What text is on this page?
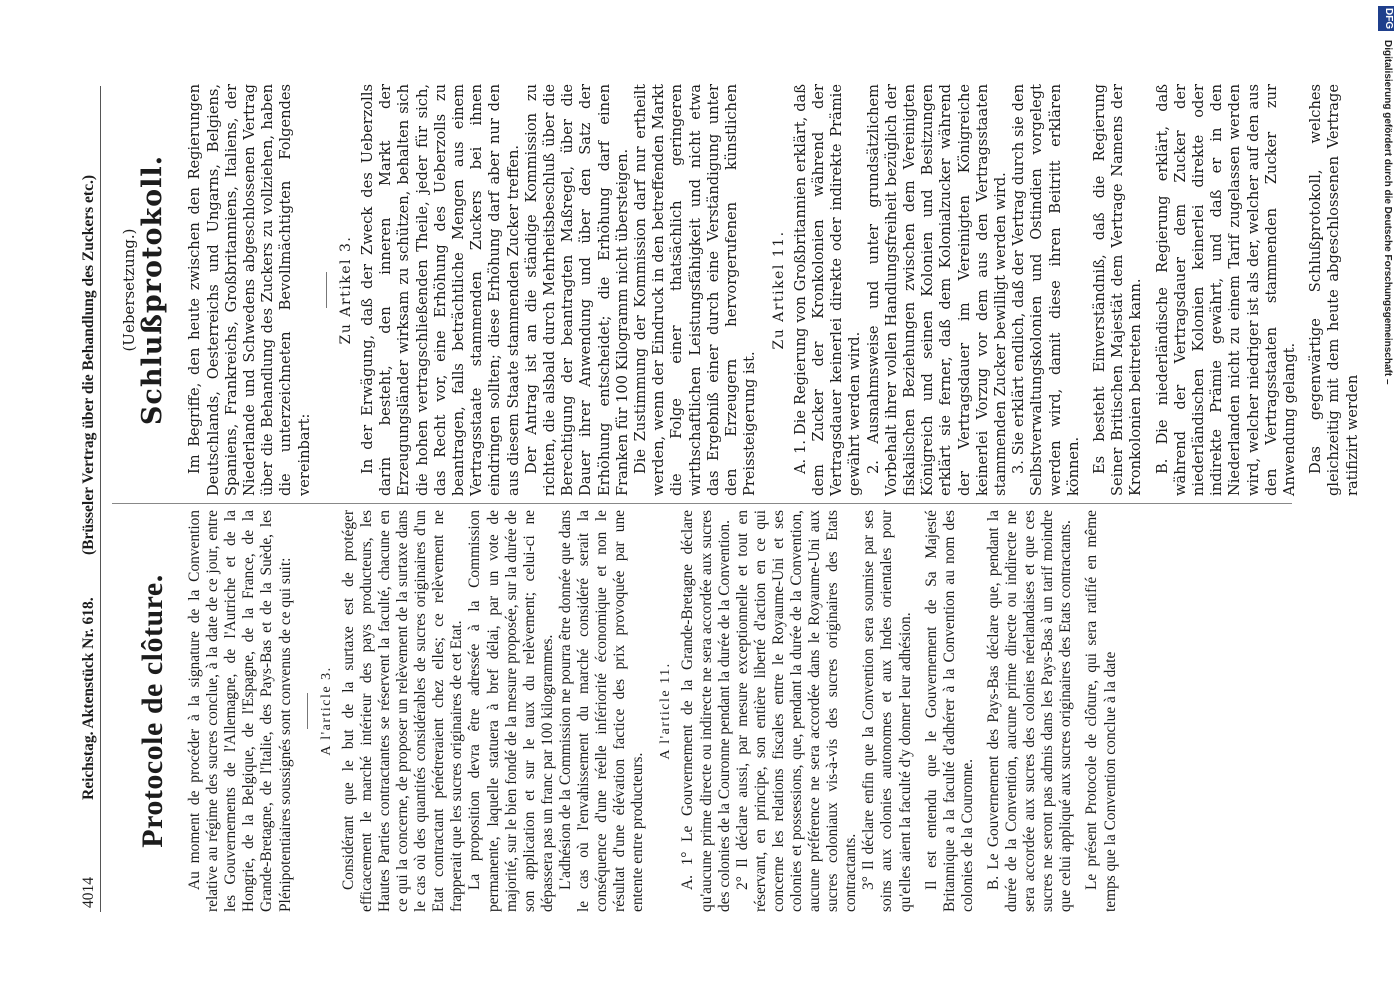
4014
Reichstag. Aktenstück Nr. 618.
(Brüsseler Vertrag über die Behandlung des Zuckers etc.)
Protocole de clôture. Au moment de procéder à la signature de la Convention relative au régime des sucres conclue, à la date de ce jour, entre les Gouvernements de l'Allemagne, de l'Autriche et de la Hongrie, de la Belgique, de l'Espagne, de la France, de la Grande-Bretagne, de l'Italie, des Pays-Bas et de la Suède, les Plénipotentiaires soussignés sont convenus de ce qui suit: A l'article 3. Considérant que le but de la surtaxe est de protéger efficacement le marché intérieur des pays producteurs, les Hautes Parties contractantes se réservent la faculté, chacune en ce qui la concerne, de proposer un relèvement de la surtaxe dans le cas où des quantités considérables de sucres originaires d'un Etat contractant pénétreraient chez elles; ce relèvement ne frapperait que les sucres originaires de cet Etat. La proposition devra être adressée à la Commission permanente, laquelle statuera à bref délai, par un vote de majorité, sur le bien fondé de la mesure proposée, sur la durée de son application et sur le taux du relèvement; celui-ci ne dépassera pas un franc par 100 kilogrammes. L'adhésion de la Commission ne pourra être donnée que dans le cas où l'envahissement du marché considéré serait la conséquence d'une réelle infériorité économique et non le résultat d'une élévation factice des prix provoquée par une entente entre producteurs.

A l'article 11. A. 1° Le Gouvernement de la Grande-Bretagne déclare qu'aucune prime directe ou indirecte ne sera accordée aux sucres des colonies de la Couronne pendant la durée de la Convention. 2° Il déclare aussi, par mesure exceptionnelle et tout en réservant, en principe, son entière liberté d'action en ce qui concerne les relations fiscales entre le Royaume-Uni et ses colonies et possessions, que, pendant la durée de la Convention, aucune préférence ne sera accordée dans le Royaume-Uni aux sucres coloniaux vis-à-vis des sucres originaires des Etats contractants. 3° Il déclare enfin que la Convention sera soumise par ses soins aux colonies autonomes et aux Indes orientales pour qu'elles aient la faculté d'y donner leur adhésion. Il est entendu que le Gouvernement de Sa Majesté Britannique a la faculté d'adhérer à la Convention au nom des colonies de la Couronne. B. Le Gouvernement des Pays-Bas déclare que, pendant la durée de la Convention, aucune prime directe ou indirecte ne sera accordée aux sucres des colonies néerlandaises et que ces sucres ne seront pas admis dans les Pays-Bas à un tarif moindre que celui appliqué aux sucres originaires des Etats contractants. Le présent Protocole de clôture, qui sera ratifié en même temps que la Convention conclue à la date

(Uebersetzung.) Schlußprotokoll. Im Begriffe, den heute zwischen den Regierungen Deutschlands, Oesterreichs und Ungarns, Belgiens, Spaniens, Frankreichs, Großbritanniens, Italiens, der Niederlande und Schwedens abgeschlossenen Vertrag über die Behandlung des Zuckers zu vollziehen, haben die unterzeichneten Bevollmächtigten Folgendes vereinbart:

Zu Artikel 3. In der Erwägung, daß der Zweck des Ueberzolls darin besteht, den inneren Markt der Erzeugungsländer wirksam zu schützen, behalten sich die hohen vertragschließenden Theile, jeder für sich, das Recht vor, eine Erhöhung des Ueberzolls zu beantragen, falls beträchtliche Mengen aus einem Vertragsstaate stammenden Zuckers bei ihnen eindringen sollten; diese Erhöhung darf aber nur den aus diesem Staate stammenden Zucker treffen. Der Antrag ist an die ständige Kommission zu richten, die alsbald durch Mehrheitsbeschluß über die Berechtigung der beantragten Maßregel, über die Dauer ihrer Anwendung und über den Satz der Erhöhung entscheidet; die Erhöhung darf einen Franken für 100 Kilogramm nicht übersteigen. Die Zustimmung der Kommission darf nur ertheilt werden, wenn der Eindruck in den betreffenden Markt die Folge einer thatsächlich geringeren wirthschaftlichen Leistungsfähigkeit und nicht etwa das Ergebniß einer durch eine Verständigung unter den Erzeugern hervorgerufenen künstlichen Preissteigerung ist.

Zu Artikel 11. A. 1. Die Regierung von Großbritannien erklärt, daß dem Zucker der Kronkolonien während der Vertragsdauer keinerlei direkte oder indirekte Prämie gewährt werden wird. 2. Ausnahmsweise und unter grundsätzlichem Vorbehalt ihrer vollen Handlungsfreiheit bezüglich der fiskalischen Beziehungen zwischen dem Vereinigten Königreich und seinen Kolonien und Besitzungen erklärt sie ferner, daß dem Kolonialzucker während der Vertragsdauer im Vereinigten Königreiche keinerlei Vorzug vor dem aus den Vertragsstaaten stammenden Zucker bewilligt werden wird. 3. Sie erklärt endlich, daß der Vertrag durch sie den Selbstverwaltungskolonien und Ostindien vorgelegt werden wird, damit diese ihren Beitritt erklären können. Es besteht Einverständniß, daß die Regierung Seiner Britischen Majestät dem Vertrage Namens der Kronkolonien beitreten kann. B. Die niederländische Regierung erklärt, daß während der Vertragsdauer dem Zucker der niederländischen Kolonien keinerlei direkte oder indirekte Prämie gewährt, und daß er in den Niederlanden nicht zu einem Tarif zugelassen werden wird, welcher niedriger ist als der, welcher auf den aus den Vertragsstaaten stammenden Zucker zur Anwendung gelangt. Das gegenwärtige Schlußprotokoll, welches gleichzeitig mit dem heute abgeschlossenen Vertrage ratifizirt werden

DFG
Digitalisierung gefördert durch die Deutsche Forschungsgemeinschaft –
